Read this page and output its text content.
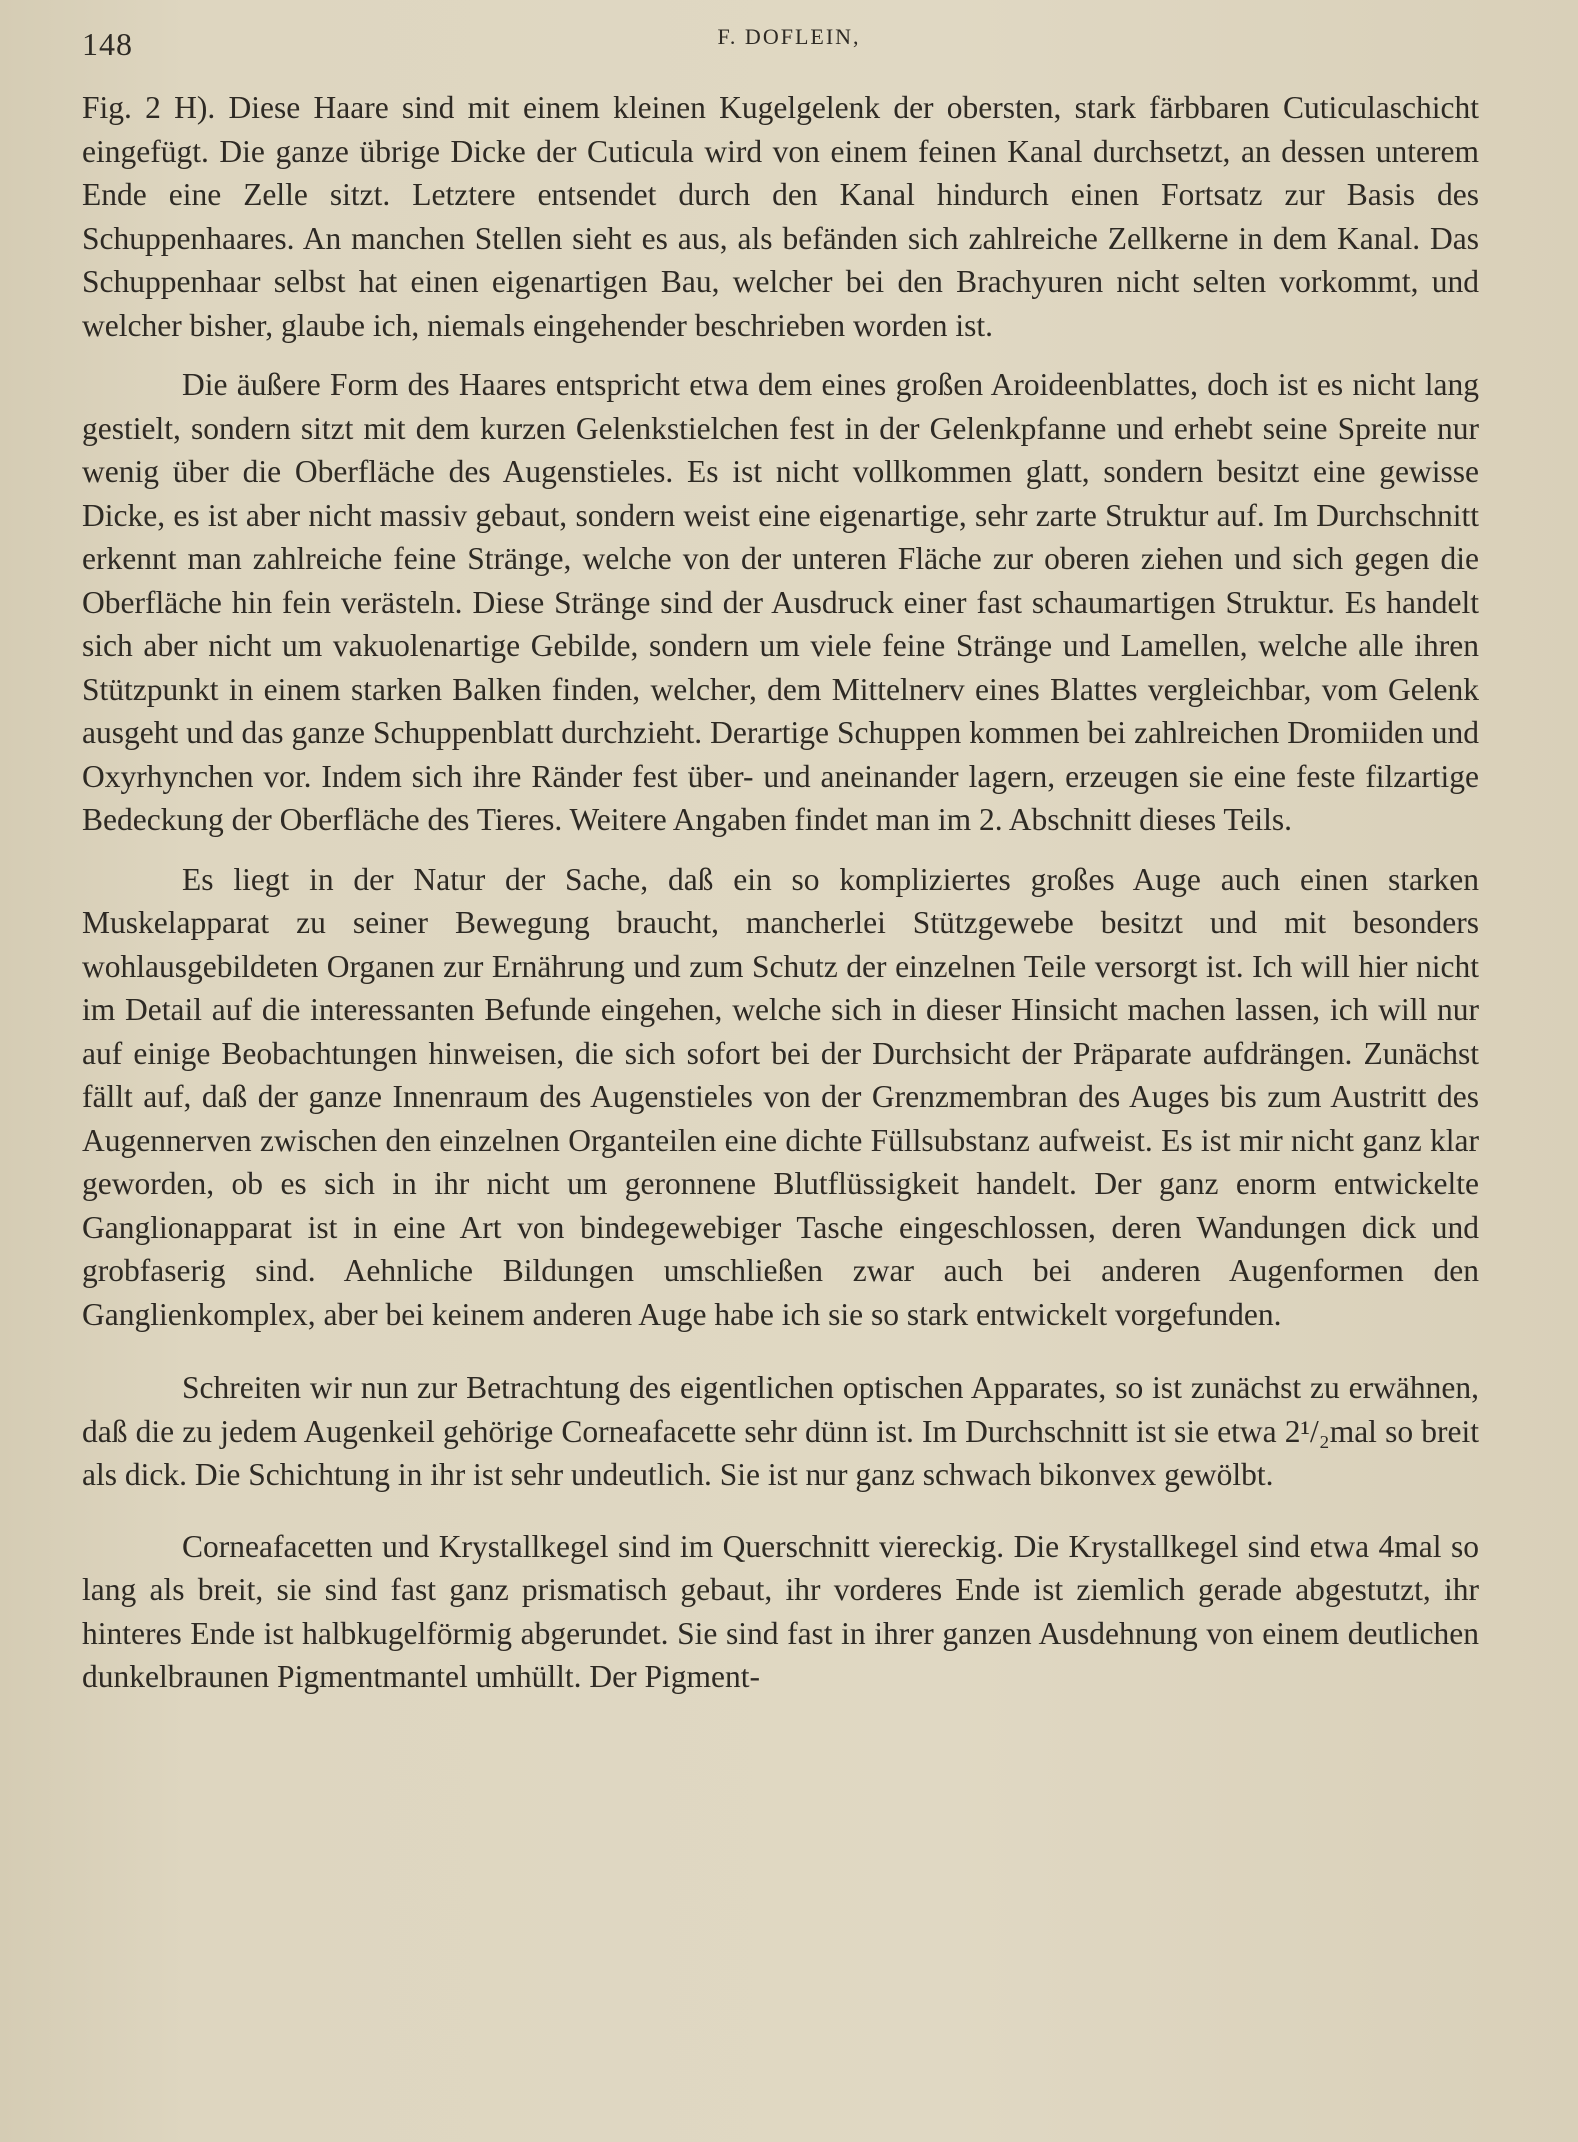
148	F. DOFLEIN,

Fig. 2 H). Diese Haare sind mit einem kleinen Kugelgelenk der obersten, stark färbbaren Cuticulaschicht eingefügt. Die ganze übrige Dicke der Cuticula wird von einem feinen Kanal durchsetzt, an dessen unterem Ende eine Zelle sitzt. Letztere entsendet durch den Kanal hindurch einen Fortsatz zur Basis des Schuppenhaares. An manchen Stellen sieht es aus, als befänden sich zahlreiche Zellkerne in dem Kanal. Das Schuppenhaar selbst hat einen eigenartigen Bau, welcher bei den Brachyuren nicht selten vorkommt, und welcher bisher, glaube ich, niemals eingehender beschrieben worden ist.

Die äußere Form des Haares entspricht etwa dem eines großen Aroideenblattes, doch ist es nicht lang gestielt, sondern sitzt mit dem kurzen Gelenkstielchen fest in der Gelenkpfanne und erhebt seine Spreite nur wenig über die Oberfläche des Augenstieles. Es ist nicht vollkommen glatt, sondern besitzt eine gewisse Dicke, es ist aber nicht massiv gebaut, sondern weist eine eigenartige, sehr zarte Struktur auf. Im Durchschnitt erkennt man zahlreiche feine Stränge, welche von der unteren Fläche zur oberen ziehen und sich gegen die Oberfläche hin fein verästeln. Diese Stränge sind der Ausdruck einer fast schaumartigen Struktur. Es handelt sich aber nicht um vakuolenartige Gebilde, sondern um viele feine Stränge und Lamellen, welche alle ihren Stützpunkt in einem starken Balken finden, welcher, dem Mittelnerv eines Blattes vergleichbar, vom Gelenk ausgeht und das ganze Schuppenblatt durchzieht. Derartige Schuppen kommen bei zahlreichen Dromiiden und Oxyrhynchen vor. Indem sich ihre Ränder fest über- und aneinander lagern, erzeugen sie eine feste filzartige Bedeckung der Oberfläche des Tieres. Weitere Angaben findet man im 2. Abschnitt dieses Teils.

Es liegt in der Natur der Sache, daß ein so kompliziertes großes Auge auch einen starken Muskelapparat zu seiner Bewegung braucht, mancherlei Stützgewebe besitzt und mit besonders wohlausgebildeten Organen zur Ernährung und zum Schutz der einzelnen Teile versorgt ist. Ich will hier nicht im Detail auf die interessanten Befunde eingehen, welche sich in dieser Hinsicht machen lassen, ich will nur auf einige Beobachtungen hinweisen, die sich sofort bei der Durchsicht der Präparate aufdrängen. Zunächst fällt auf, daß der ganze Innenraum des Augenstieles von der Grenzmembran des Auges bis zum Austritt des Augennerven zwischen den einzelnen Organteilen eine dichte Füllsubstanz aufweist. Es ist mir nicht ganz klar geworden, ob es sich in ihr nicht um geronnene Blutflüssigkeit handelt. Der ganz enorm entwickelte Ganglionapparat ist in eine Art von bindegewebiger Tasche eingeschlossen, deren Wandungen dick und grobfaserig sind. Aehnliche Bildungen umschließen zwar auch bei anderen Augenformen den Ganglienkomplex, aber bei keinem anderen Auge habe ich sie so stark entwickelt vorgefunden.

Schreiten wir nun zur Betrachtung des eigentlichen optischen Apparates, so ist zunächst zu erwähnen, daß die zu jedem Augenkeil gehörige Corneafacette sehr dünn ist. Im Durchschnitt ist sie etwa 2¹/₂mal so breit als dick. Die Schichtung in ihr ist sehr undeutlich. Sie ist nur ganz schwach bikonvex gewölbt.

Corneafacetten und Krystallkegel sind im Querschnitt viereckig. Die Krystallkegel sind etwa 4mal so lang als breit, sie sind fast ganz prismatisch gebaut, ihr vorderes Ende ist ziemlich gerade abgestutzt, ihr hinteres Ende ist halbkugelförmig abgerundet. Sie sind fast in ihrer ganzen Ausdehnung von einem deutlichen dunkelbraunen Pigmentmantel umhüllt. Der Pigment-
